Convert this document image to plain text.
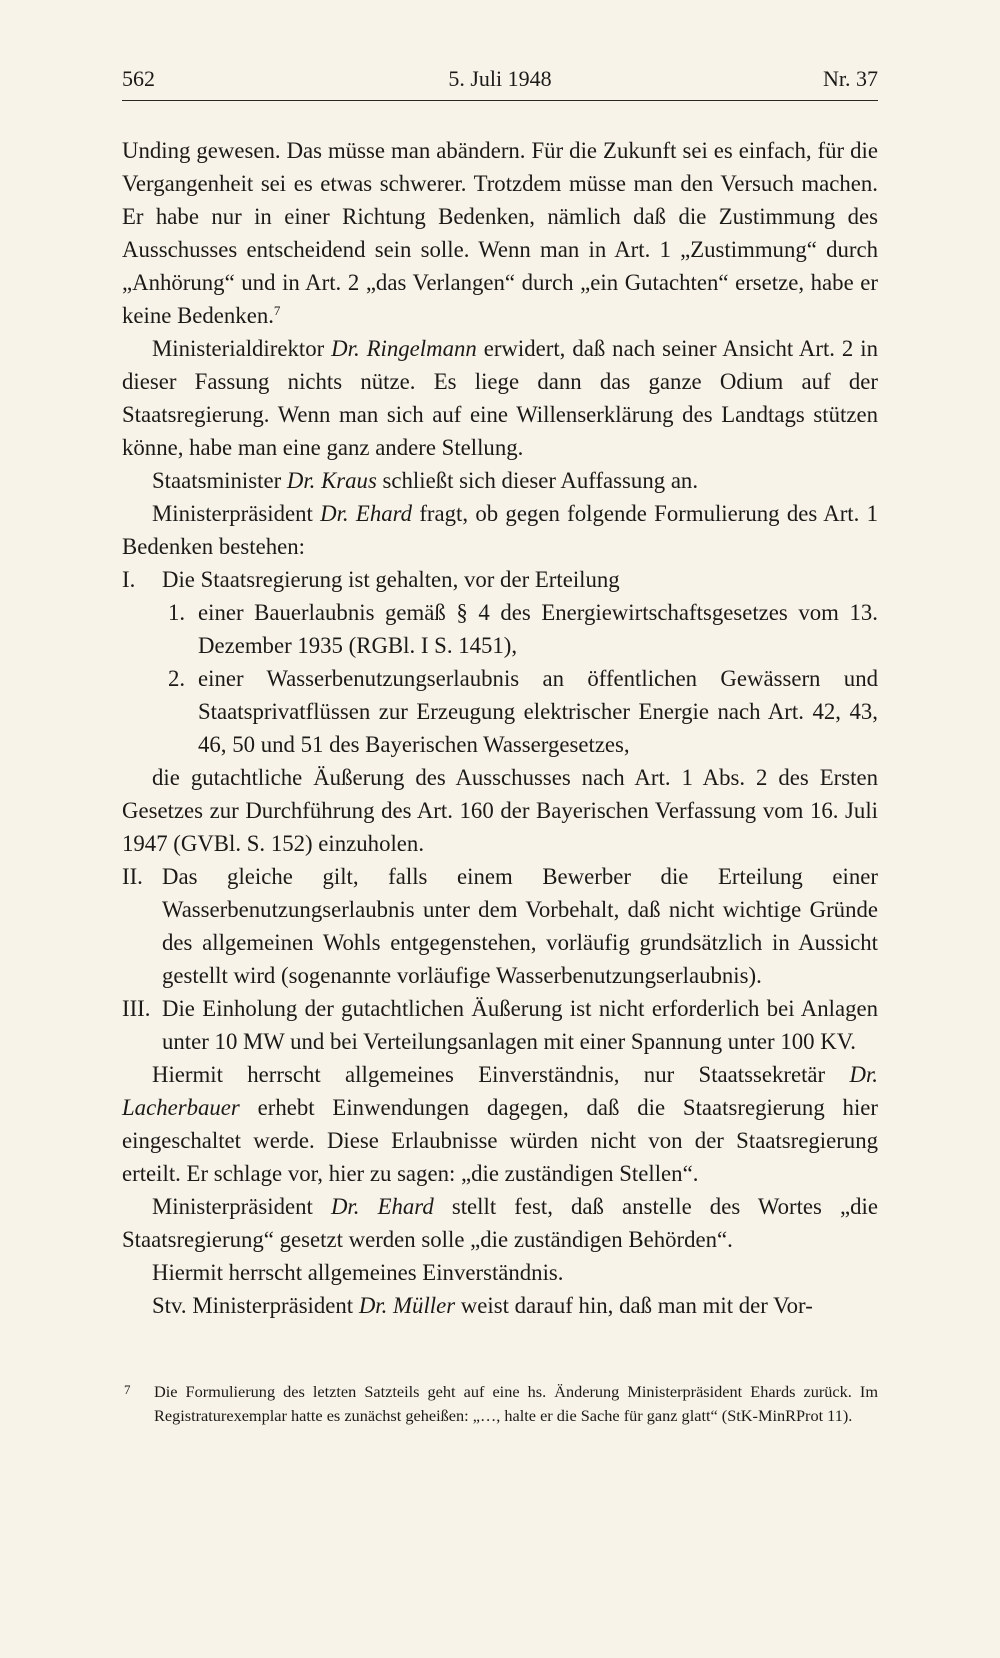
562	5. Juli 1948	Nr. 37

Unding gewesen. Das müsse man abändern. Für die Zukunft sei es einfach, für die Vergangenheit sei es etwas schwerer. Trotzdem müsse man den Versuch machen. Er habe nur in einer Richtung Bedenken, nämlich daß die Zustimmung des Ausschusses entscheidend sein solle. Wenn man in Art. 1 „Zustimmung“ durch „Anhörung“ und in Art. 2 „das Verlangen“ durch „ein Gutachten“ ersetze, habe er keine Bedenken.$^7$

Ministerialdirektor Dr. Ringelmann erwidert, daß nach seiner Ansicht Art. 2 in dieser Fassung nichts nütze. Es liege dann das ganze Odium auf der Staatsregierung. Wenn man sich auf eine Willenserklärung des Landtags stützen könne, habe man eine ganz andere Stellung.

Staatsminister Dr. Kraus schließt sich dieser Auffassung an.

Ministerpräsident Dr. Ehard fragt, ob gegen folgende Formulierung des Art. 1 Bedenken bestehen:

I. Die Staatsregierung ist gehalten, vor der Erteilung
1. einer Bauerlaubnis gemäß § 4 des Energiewirtschaftsgesetzes vom 13. Dezember 1935 (RGBl. I S. 1451),
2. einer Wasserbenutzungserlaubnis an öffentlichen Gewässern und Staatsprivatflüssen zur Erzeugung elektrischer Energie nach Art. 42, 43, 46, 50 und 51 des Bayerischen Wassergesetzes,

die gutachtliche Äußerung des Ausschusses nach Art. 1 Abs. 2 des Ersten Gesetzes zur Durchführung des Art. 160 der Bayerischen Verfassung vom 16. Juli 1947 (GVBl. S. 152) einzuholen.

II. Das gleiche gilt, falls einem Bewerber die Erteilung einer Wasserbenutzungserlaubnis unter dem Vorbehalt, daß nicht wichtige Gründe des allgemeinen Wohls entgegenstehen, vorläufig grundsätzlich in Aussicht gestellt wird (sogenannte vorläufige Wasserbenutzungserlaubnis).
III. Die Einholung der gutachtlichen Äußerung ist nicht erforderlich bei Anlagen unter 10 MW und bei Verteilungsanlagen mit einer Spannung unter 100 KV.

Hiermit herrscht allgemeines Einverständnis, nur Staatssekretär Dr. Lacherbauer erhebt Einwendungen dagegen, daß die Staatsregierung hier eingeschaltet werde. Diese Erlaubnisse würden nicht von der Staatsregierung erteilt. Er schlage vor, hier zu sagen: „die zuständigen Stellen“.

Ministerpräsident Dr. Ehard stellt fest, daß anstelle des Wortes „die Staatsregierung“ gesetzt werden solle „die zuständigen Behörden“.

Hiermit herrscht allgemeines Einverständnis.

Stv. Ministerpräsident Dr. Müller weist darauf hin, daß man mit der Vor-

7 Die Formulierung des letzten Satzteils geht auf eine hs. Änderung Ministerpräsident Ehards zurück. Im Registraturexemplar hatte es zunächst geheißen: „…, halte er die Sache für ganz glatt“ (StK-MinRProt 11).
